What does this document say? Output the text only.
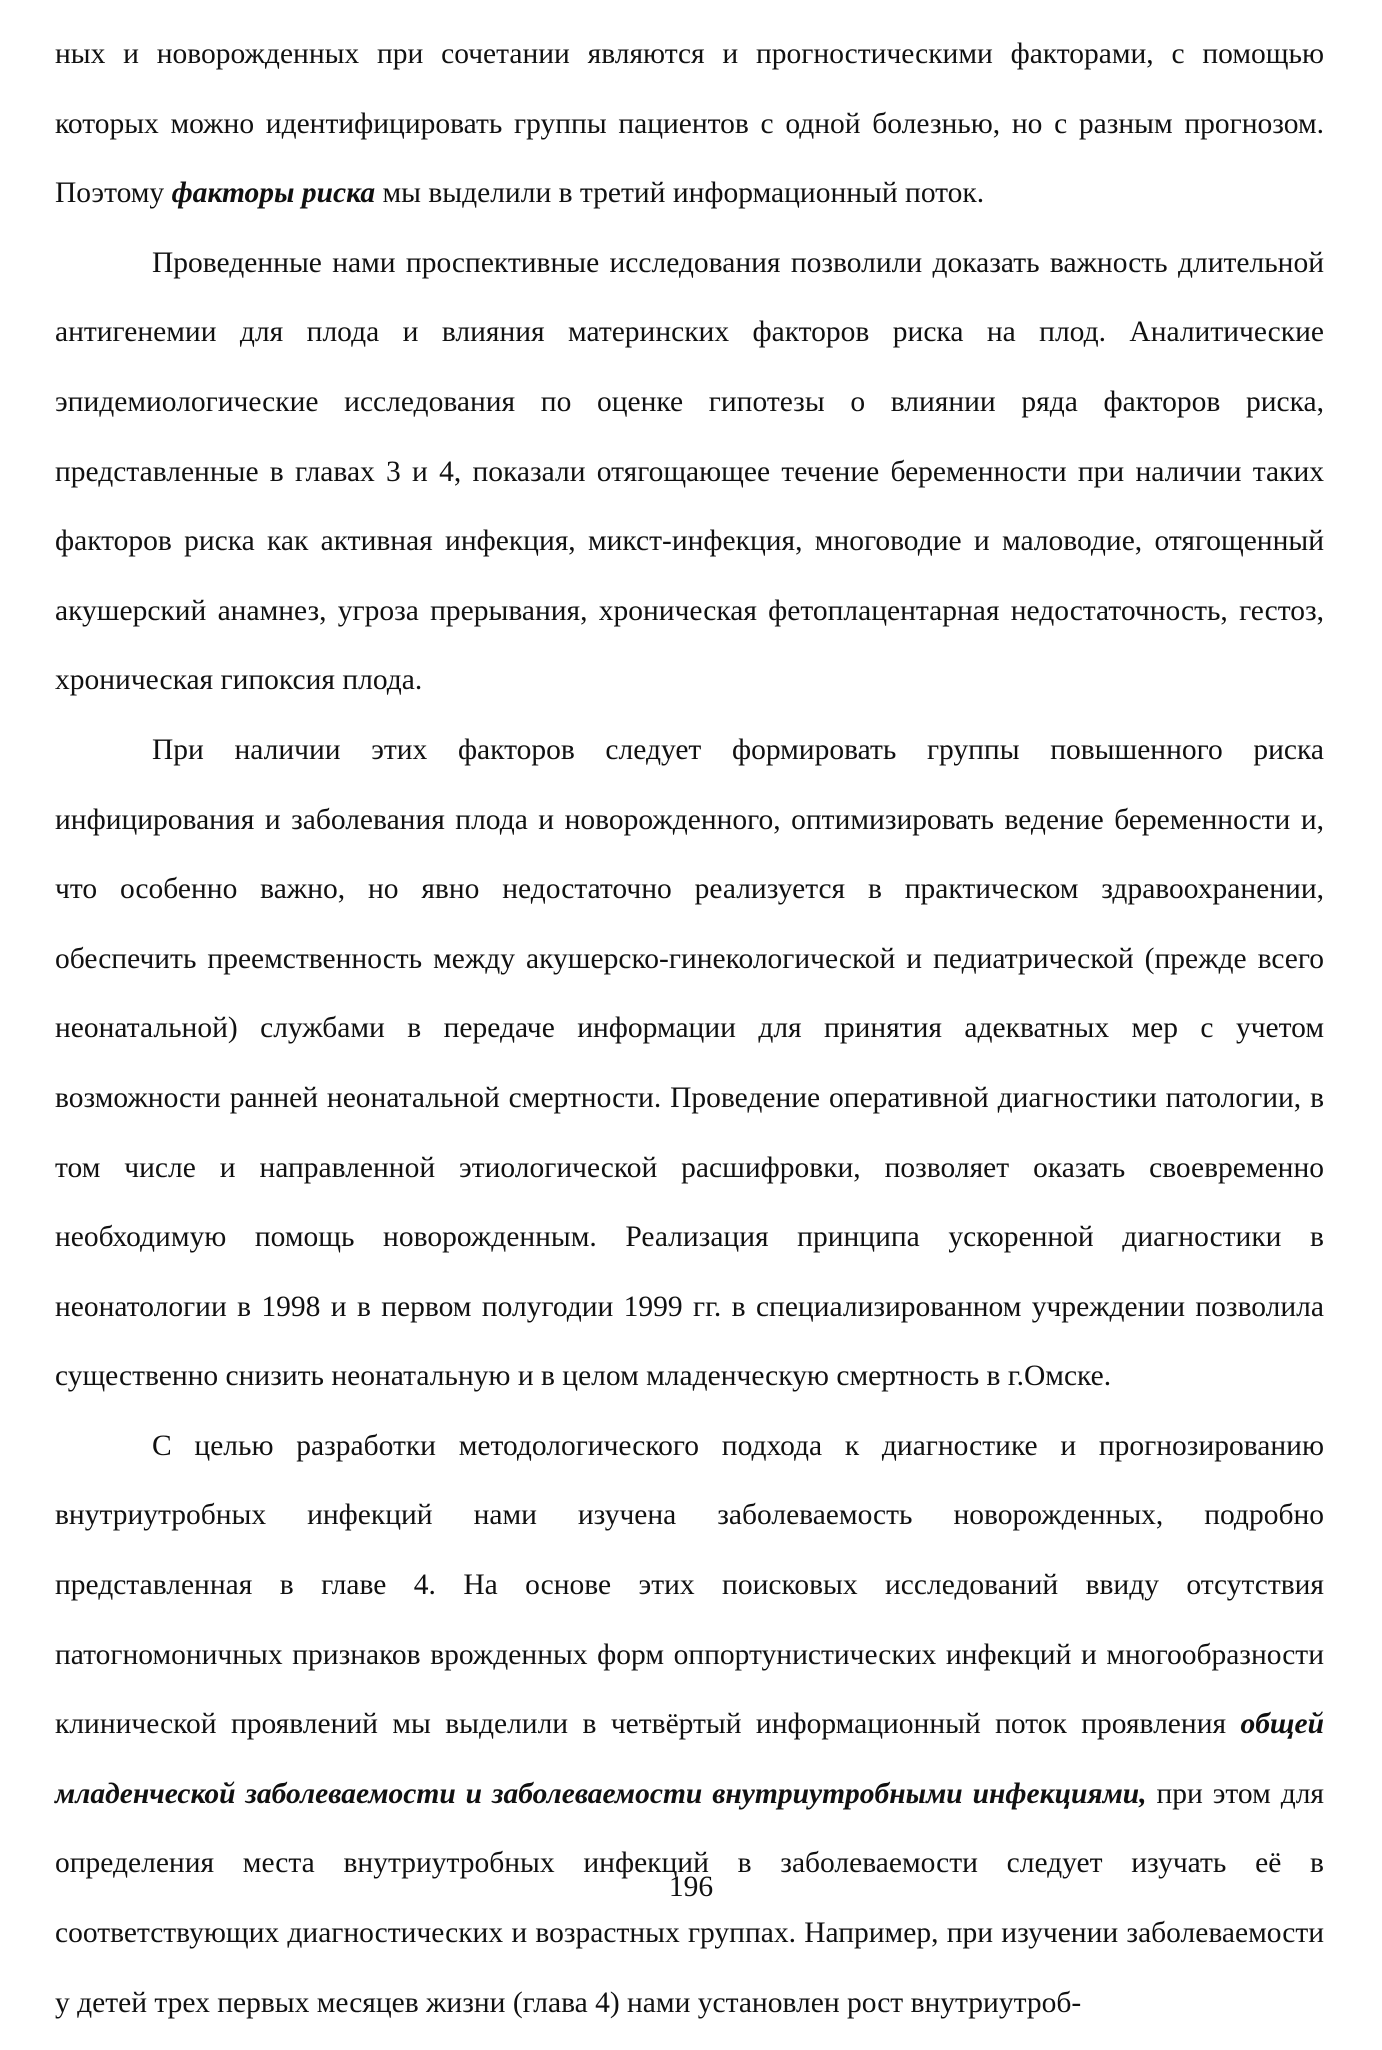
ных и новорожденных при сочетании являются и прогностическими факторами, с помощью которых можно идентифицировать группы пациентов с одной болезнью, но с разным прогнозом. Поэтому факторы риска мы выделили в третий информационный поток.

Проведенные нами проспективные исследования позволили доказать важность длительной антигенемии для плода и влияния материнских факторов риска на плод. Аналитические эпидемиологические исследования по оценке гипотезы о влиянии ряда факторов риска, представленные в главах 3 и 4, показали отягощающее течение беременности при наличии таких факторов риска как активная инфекция, микст-инфекция, многоводие и маловодие, отягощенный акушерский анамнез, угроза прерывания, хроническая фетоплацентарная недостаточность, гестоз, хроническая гипоксия плода.

При наличии этих факторов следует формировать группы повышенного риска инфицирования и заболевания плода и новорожденного, оптимизировать ведение беременности и, что особенно важно, но явно недостаточно реализуется в практическом здравоохранении, обеспечить преемственность между акушерско-гинекологической и педиатрической (прежде всего неонатальной) службами в передаче информации для принятия адекватных мер с учетом возможности ранней неонатальной смертности. Проведение оперативной диагностики патологии, в том числе и направленной этиологической расшифровки, позволяет оказать своевременно необходимую помощь новорожденным. Реализация принципа ускоренной диагностики в неонатологии в 1998 и в первом полугодии 1999 гг. в специализированном учреждении позволила существенно снизить неонатальную и в целом младенческую смертность в г.Омске.

С целью разработки методологического подхода к диагностике и прогнозированию внутриутробных инфекций нами изучена заболеваемость новорожденных, подробно представленная в главе 4. На основе этих поисковых исследований ввиду отсутствия патогномоничных признаков врожденных форм оппортунистических инфекций и многообразности клинической проявлений мы выделили в четвёртый информационный поток проявления общей младенческой заболеваемости и заболеваемости внутриутробными инфекциями, при этом для определения места внутриутробных инфекций в заболеваемости следует изучать её в соответствующих диагностических и возрастных группах. Например, при изучении заболеваемости у детей трех первых месяцев жизни (глава 4) нами установлен рост внутриутроб-

196
